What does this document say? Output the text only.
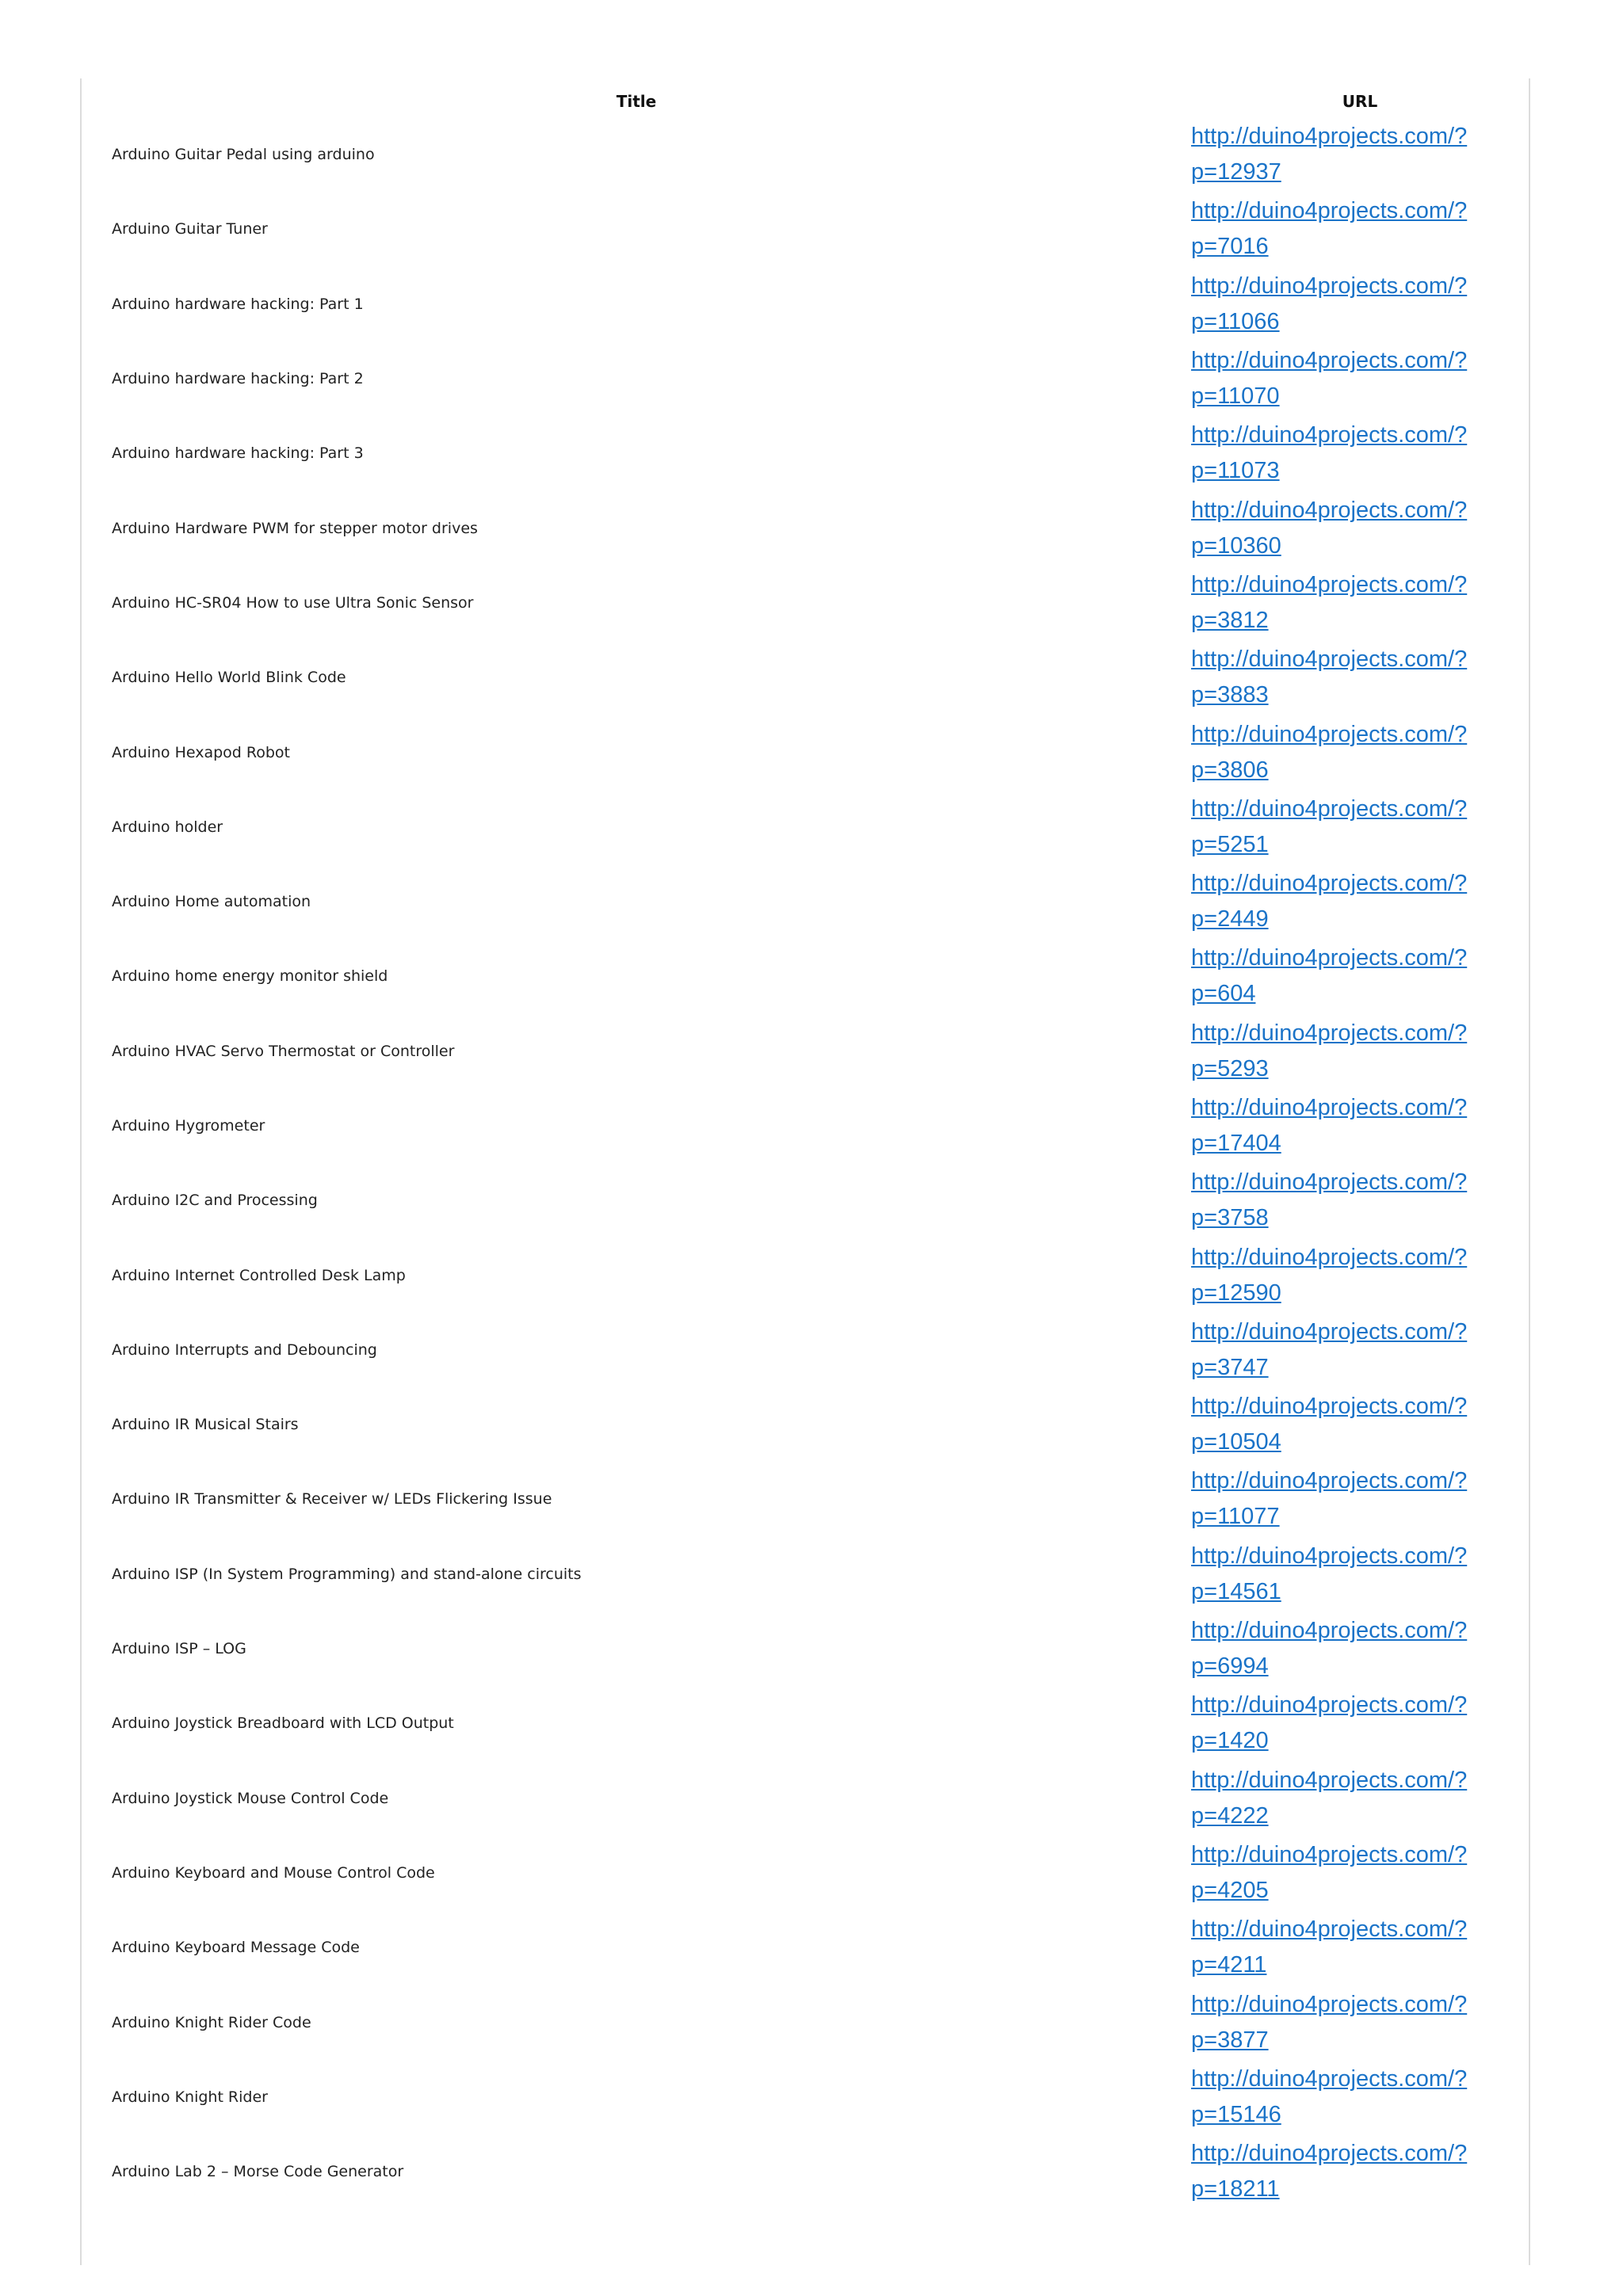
Title	URL
Arduino Guitar Pedal using arduino	http://duino4projects.com/?
p=12937

Arduino Guitar Tuner	http://duino4projects.com/?
p=7016

Arduino hardware hacking: Part 1	http://duino4projects.com/?
p=11066

Arduino hardware hacking: Part 2	http://duino4projects.com/?
p=11070

Arduino hardware hacking: Part 3	http://duino4projects.com/?
p=11073

Arduino Hardware PWM for stepper motor drives	http://duino4projects.com/?
p=10360

Arduino HC-SR04 How to use Ultra Sonic Sensor	http://duino4projects.com/?
p=3812

Arduino Hello World Blink Code	http://duino4projects.com/?
p=3883

Arduino Hexapod Robot	http://duino4projects.com/?
p=3806

Arduino holder	http://duino4projects.com/?
p=5251

Arduino Home automation	http://duino4projects.com/?
p=2449

Arduino home energy monitor shield	http://duino4projects.com/?
p=604

Arduino HVAC Servo Thermostat or Controller	http://duino4projects.com/?
p=5293

Arduino Hygrometer	http://duino4projects.com/?
p=17404

Arduino I2C and Processing	http://duino4projects.com/?
p=3758

Arduino Internet Controlled Desk Lamp	http://duino4projects.com/?
p=12590

Arduino Interrupts and Debouncing	http://duino4projects.com/?
p=3747

Arduino IR Musical Stairs	http://duino4projects.com/?
p=10504

Arduino IR Transmitter & Receiver w/ LEDs Flickering Issue	http://duino4projects.com/?
p=11077

Arduino ISP (In System Programming) and stand-alone circuits	http://duino4projects.com/?
p=14561

Arduino ISP – LOG	http://duino4projects.com/?
p=6994

Arduino Joystick Breadboard with LCD Output	http://duino4projects.com/?
p=1420

Arduino Joystick Mouse Control Code	http://duino4projects.com/?
p=4222

Arduino Keyboard and Mouse Control Code	http://duino4projects.com/?
p=4205

Arduino Keyboard Message Code	http://duino4projects.com/?
p=4211

Arduino Knight Rider Code	http://duino4projects.com/?
p=3877

Arduino Knight Rider	http://duino4projects.com/?
p=15146

Arduino Lab 2 – Morse Code Generator	http://duino4projects.com/?
p=18211
